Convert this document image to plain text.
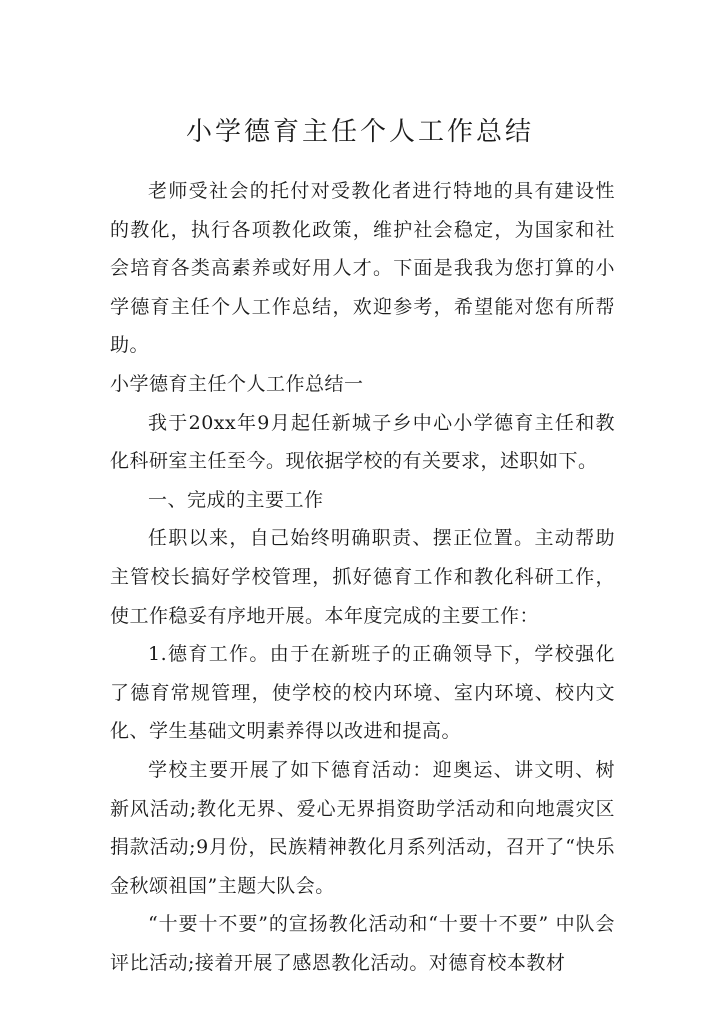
小学德育主任个人工作总结

老师受社会的托付对受教化者进行特地的具有建设性的教化，执行各项教化政策，维护社会稳定，为国家和社会培育各类高素养或好用人才。下面是我我为您打算的小学德育主任个人工作总结，欢迎参考，希望能对您有所帮助。

小学德育主任个人工作总结一

我于20xx年9月起任新城子乡中心小学德育主任和教化科研室主任至今。现依据学校的有关要求，述职如下。

一、完成的主要工作

任职以来，自己始终明确职责、摆正位置。主动帮助主管校长搞好学校管理，抓好德育工作和教化科研工作，使工作稳妥有序地开展。本年度完成的主要工作：

1.德育工作。由于在新班子的正确领导下，学校强化了德育常规管理，使学校的校内环境、室内环境、校内文化、学生基础文明素养得以改进和提高。

学校主要开展了如下德育活动：迎奥运、讲文明、树新风活动;教化无界、爱心无界捐资助学活动和向地震灾区捐款活动;9月份，民族精神教化月系列活动，召开了“快乐金秋颂祖国”主题大队会。

“十要十不要”的宣扬教化活动和“十要十不要” 中队会评比活动;接着开展了感恩教化活动。对德育校本教材
